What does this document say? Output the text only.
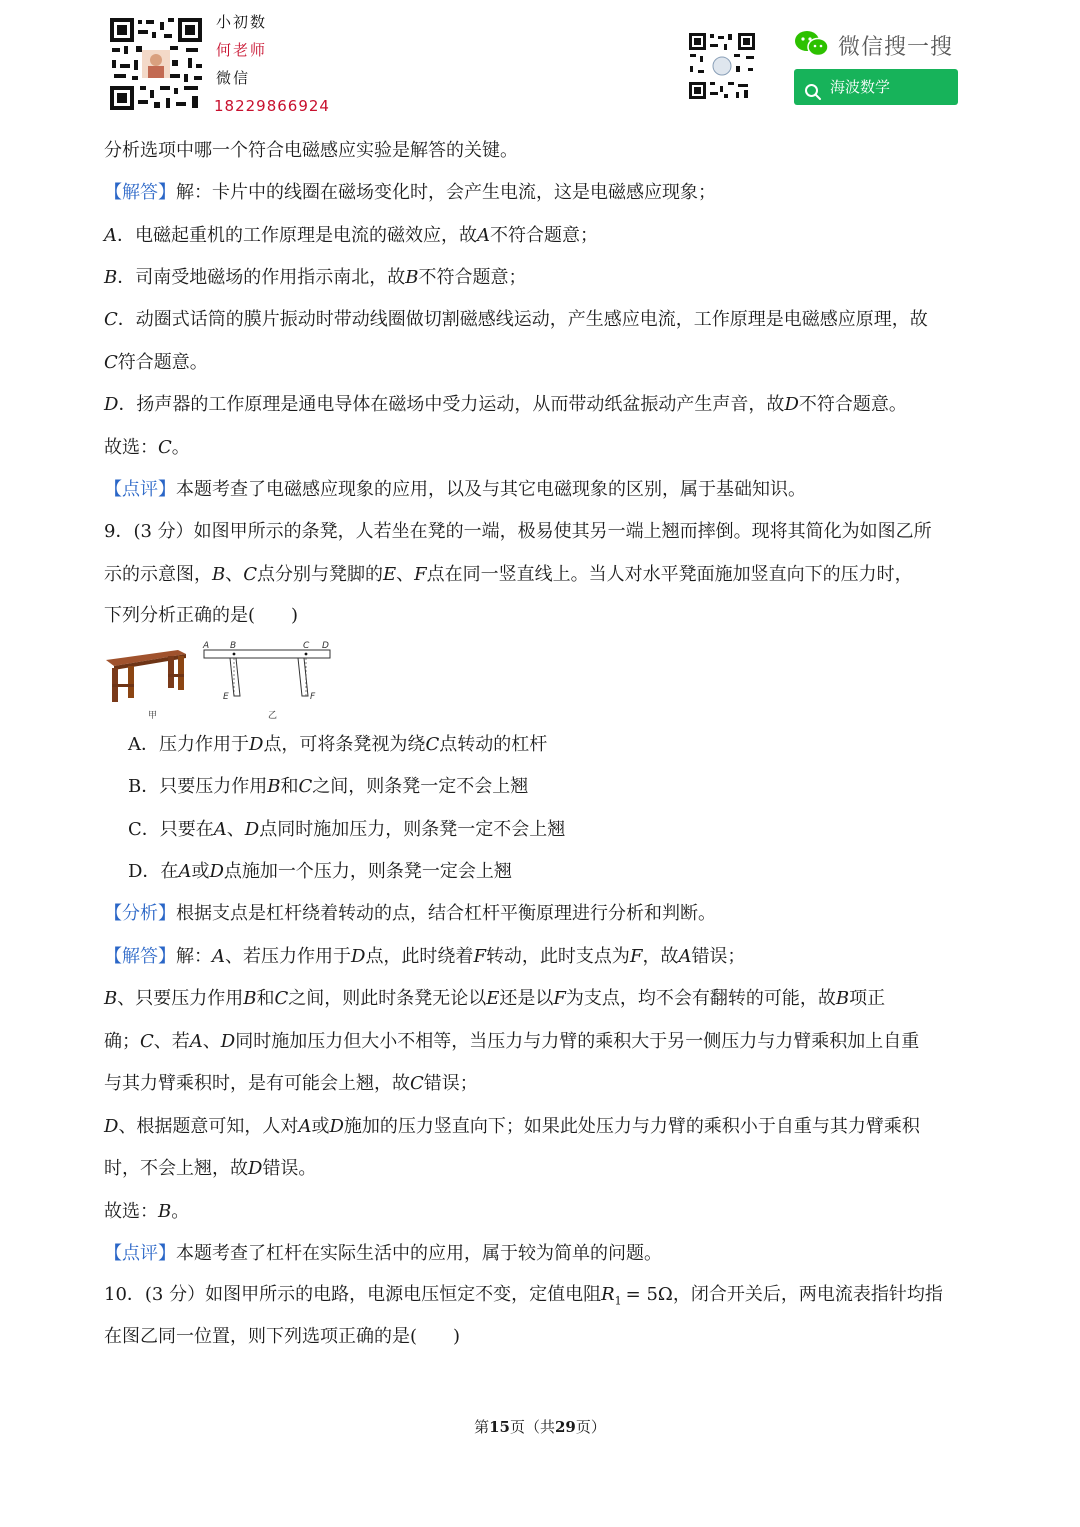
小初数
何老师
微信
18229866924
微信搜一搜
海波数学
分析选项中哪一个符合电磁感应实验是解答的关键。
【解答】解：卡片中的线圈在磁场变化时，会产生电流，这是电磁感应现象；
A．电磁起重机的工作原理是电流的磁效应，故A不符合题意；
B．司南受地磁场的作用指示南北，故B不符合题意；
C．动圈式话筒的膜片振动时带动线圈做切割磁感线运动，产生感应电流，工作原理是电磁感应原理，故
C符合题意。
D．扬声器的工作原理是通电导体在磁场中受力运动，从而带动纸盆振动产生声音，故D不符合题意。
故选：C。
【点评】本题考查了电磁感应现象的应用，以及与其它电磁现象的区别，属于基础知识。
9．(3 分）如图甲所示的条凳，人若坐在凳的一端，极易使其另一端上翘而摔倒。现将其简化为如图乙所
示的示意图，B、C点分别与凳脚的E、F点在同一竖直线上。当人对水平凳面施加竖直向下的压力时，
下列分析正确的是(　　)
甲
A B	C D
E	F
乙
A．压力作用于D点，可将条凳视为绕C点转动的杠杆
B．只要压力作用B和C之间，则条凳一定不会上翘
C．只要在A、D点同时施加压力，则条凳一定不会上翘
D．在A或D点施加一个压力，则条凳一定会上翘
【分析】根据支点是杠杆绕着转动的点，结合杠杆平衡原理进行分析和判断。
【解答】解：A、若压力作用于D点，此时绕着F转动，此时支点为F，故A错误；
B、只要压力作用B和C之间，则此时条凳无论以E还是以F为支点，均不会有翻转的可能，故B项正
确；C、若A、D同时施加压力但大小不相等，当压力与力臂的乘积大于另一侧压力与力臂乘积加上自重
与其力臂乘积时，是有可能会上翘，故C错误；
D、根据题意可知，人对A或D施加的压力竖直向下；如果此处压力与力臂的乘积小于自重与其力臂乘积
时，不会上翘，故D错误。
故选：B。
【点评】本题考查了杠杆在实际生活中的应用，属于较为简单的问题。
10．(3 分）如图甲所示的电路，电源电压恒定不变，定值电阻$R_1 = 5\Omega$，闭合开关后，两电流表指针均指
在图乙同一位置，则下列选项正确的是(　　)
第15页（共29页）
